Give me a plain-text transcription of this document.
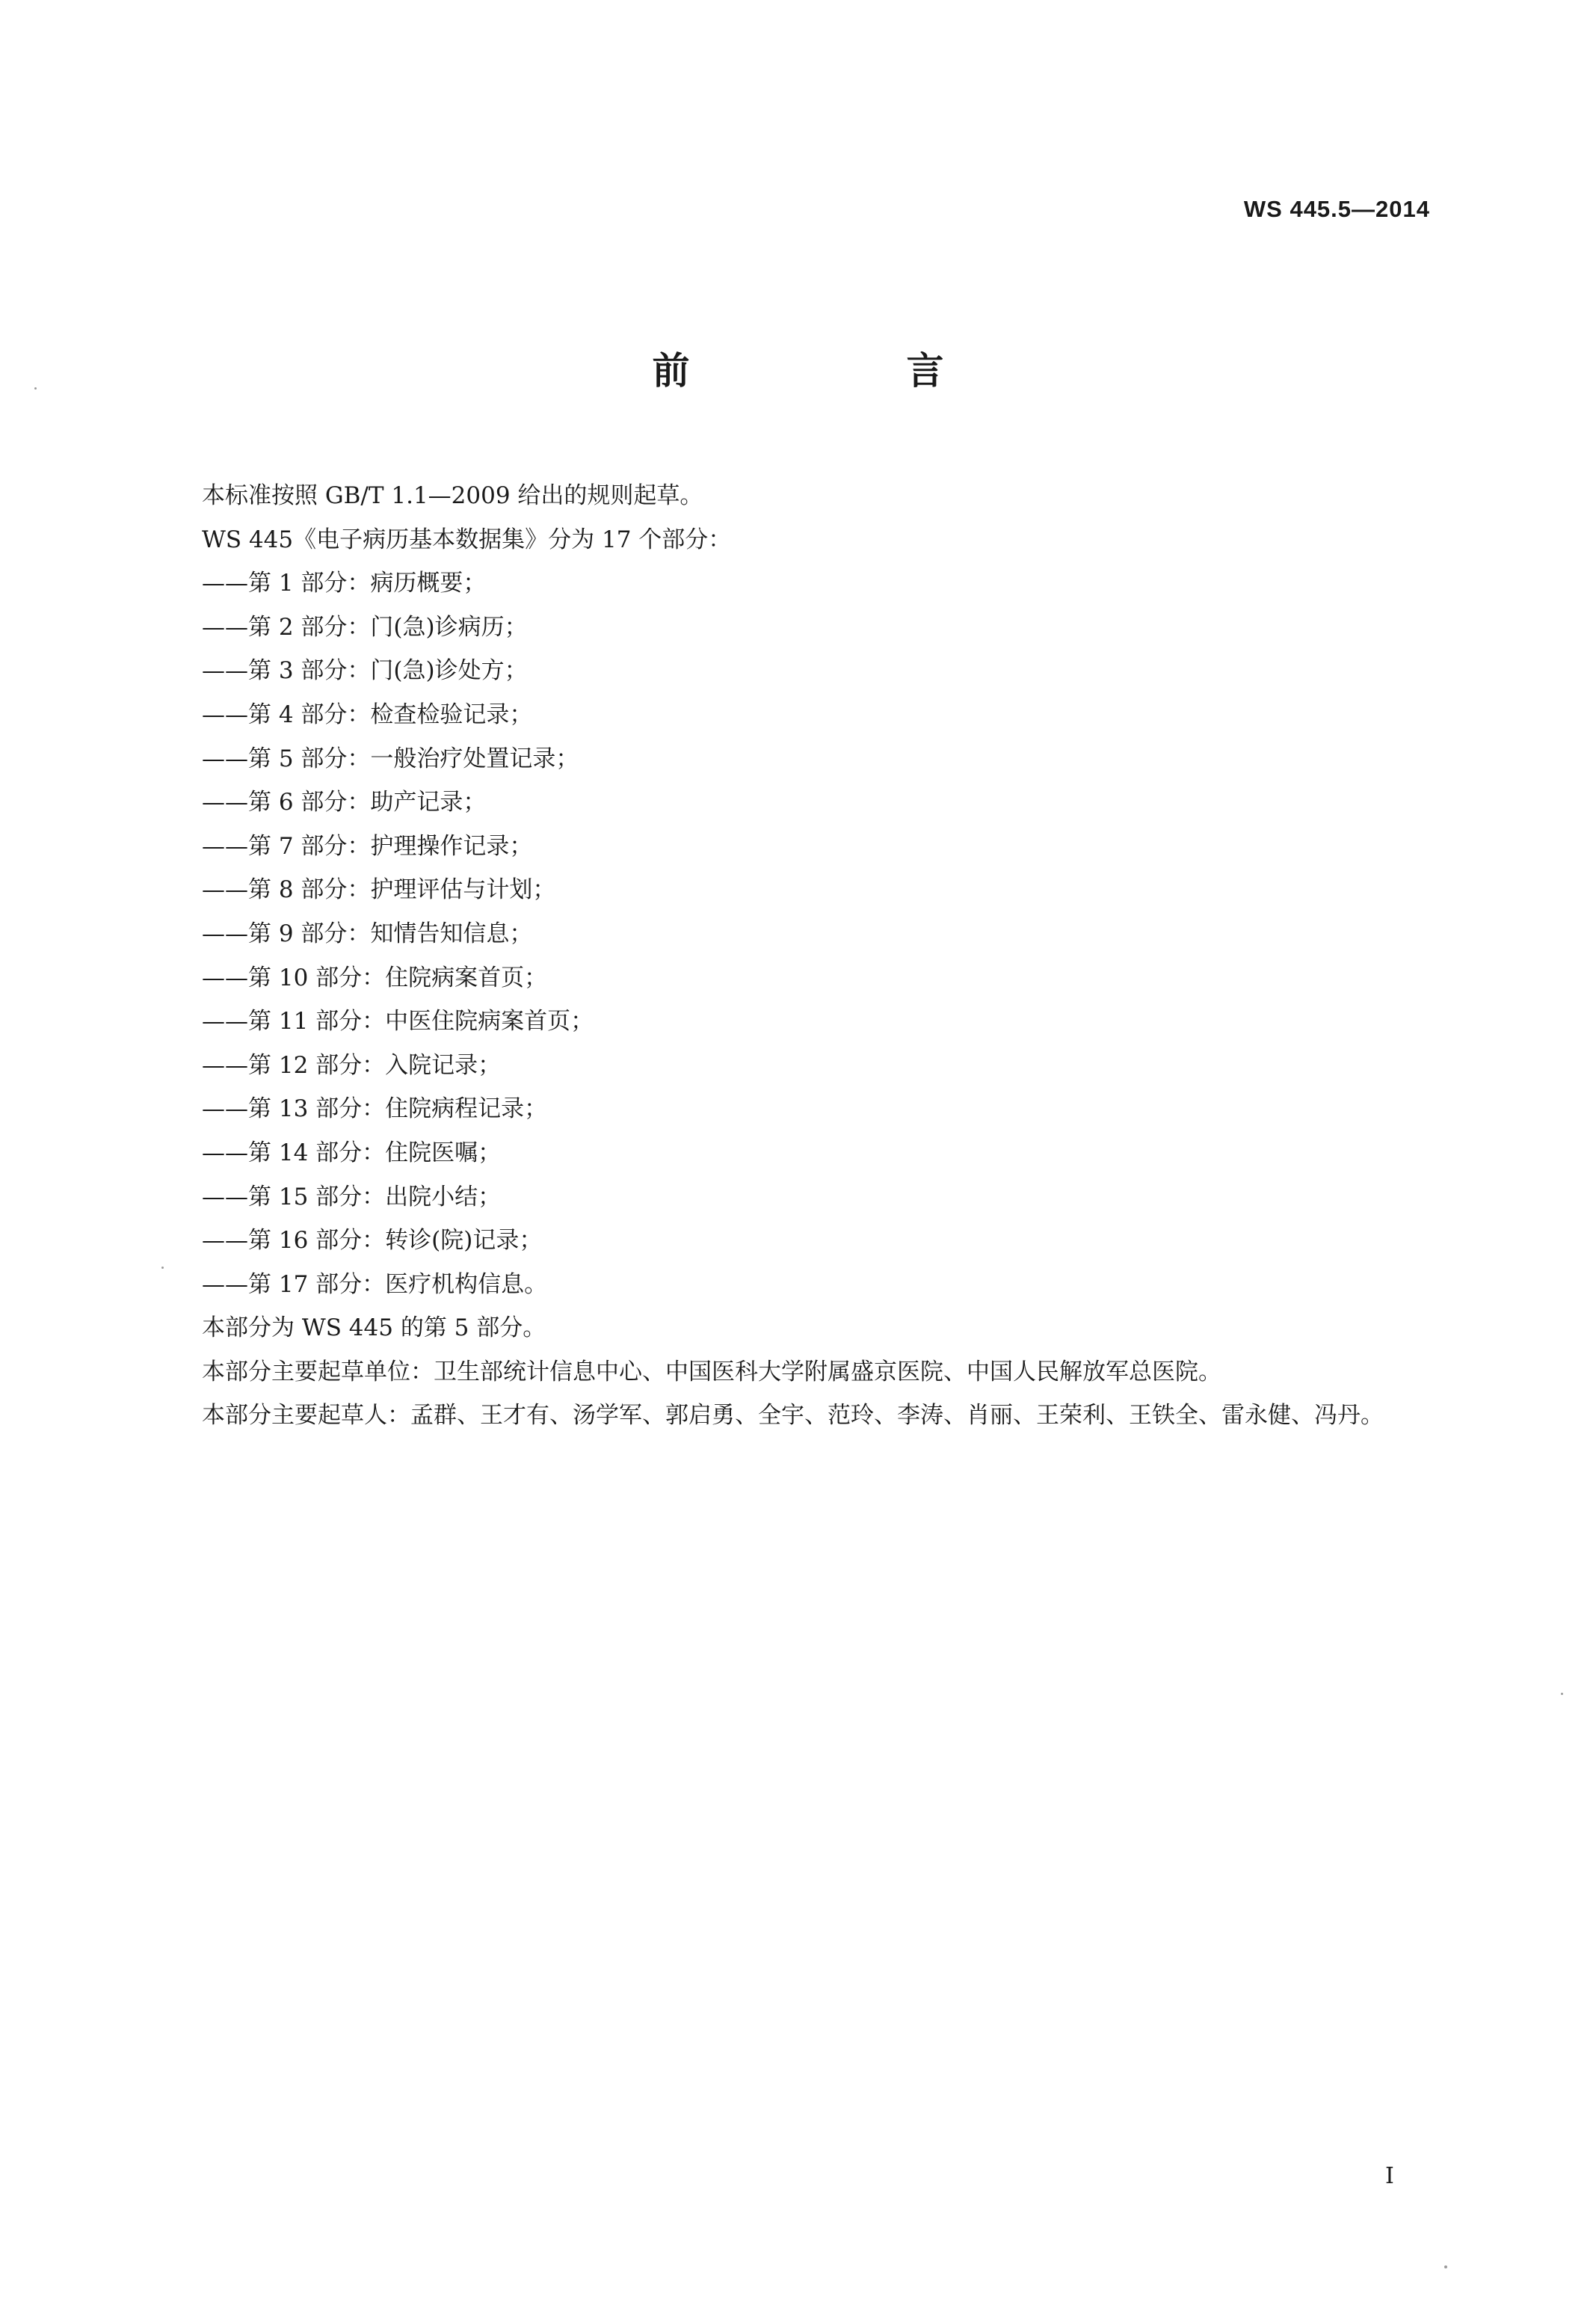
WS 445.5—2014
前　言

本标准按照 GB/T 1.1—2009 给出的规则起草。

WS 445《电子病历基本数据集》分为 17 个部分：

——第 1 部分：病历概要；
——第 2 部分：门(急)诊病历；
——第 3 部分：门(急)诊处方；
——第 4 部分：检查检验记录；
——第 5 部分：一般治疗处置记录；
——第 6 部分：助产记录；
——第 7 部分：护理操作记录；
——第 8 部分：护理评估与计划；
——第 9 部分：知情告知信息；
——第 10 部分：住院病案首页；
——第 11 部分：中医住院病案首页；
——第 12 部分：入院记录；
——第 13 部分：住院病程记录；
——第 14 部分：住院医嘱；
——第 15 部分：出院小结；
——第 16 部分：转诊(院)记录；
——第 17 部分：医疗机构信息。

本部分为 WS 445 的第 5 部分。

本部分主要起草单位：卫生部统计信息中心、中国医科大学附属盛京医院、中国人民解放军总医院。

本部分主要起草人：孟群、王才有、汤学军、郭启勇、全宇、范玲、李涛、肖丽、王荣利、王铁全、雷永健、冯丹。

I
